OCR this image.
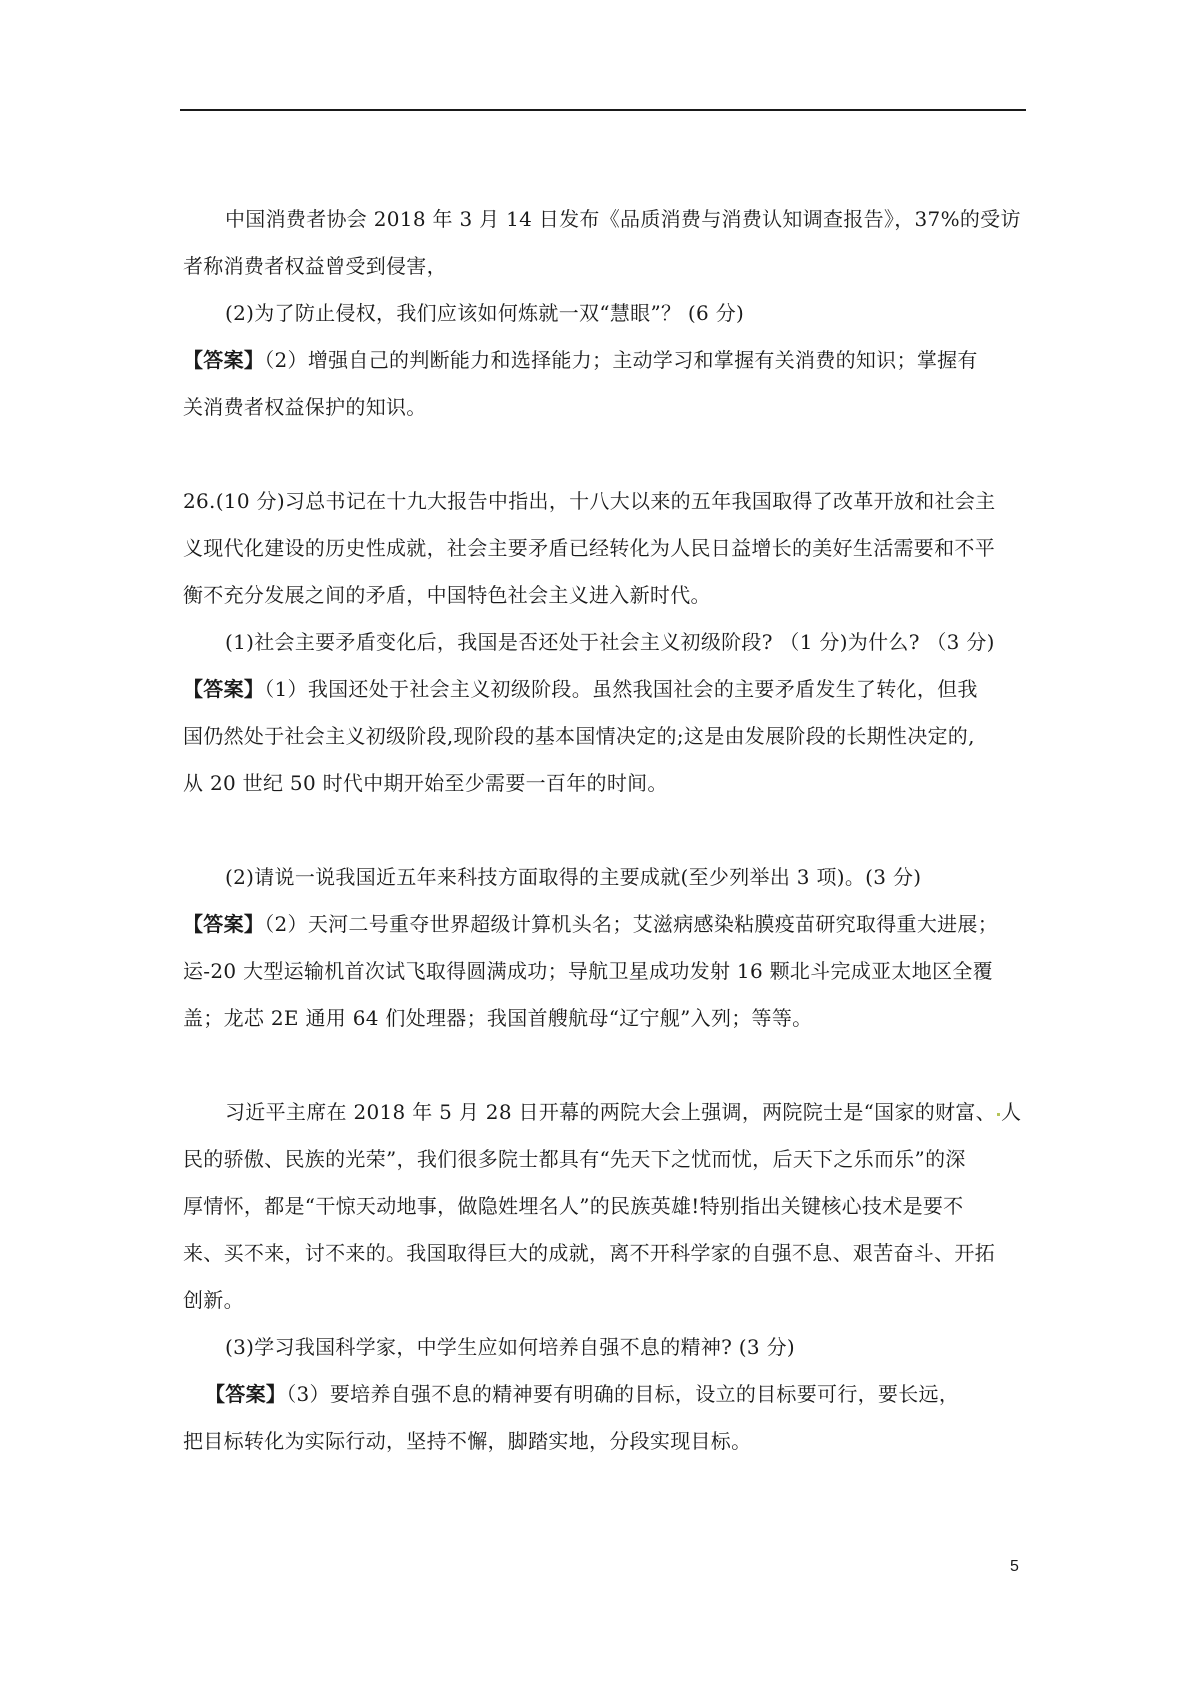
中国消费者协会 2018 年 3 月 14 日发布《品质消费与消费认知调查报告》，37%的受访
者称消费者权益曾受到侵害，
(2)为了防止侵权，我们应该如何炼就一双“慧眼”？ (6 分)
【答案】（2）增强自己的判断能力和选择能力；主动学习和掌握有关消费的知识；掌握有
关消费者权益保护的知识。
26.(10 分)习总书记在十九大报告中指出，十八大以来的五年我国取得了改革开放和社会主
义现代化建设的历史性成就，社会主要矛盾已经转化为人民日益增长的美好生活需要和不平
衡不充分发展之间的矛盾，中国特色社会主义进入新时代。
(1)社会主要矛盾变化后，我国是否还处于社会主义初级阶段? （1 分)为什么? （3 分)
【答案】（1）我国还处于社会主义初级阶段。虽然我国社会的主要矛盾发生了转化，但我
国仍然处于社会主义初级阶段,现阶段的基本国情决定的;这是由发展阶段的长期性决定的,
从 20 世纪 50 时代中期开始至少需要一百年的时间。
(2)请说一说我国近五年来科技方面取得的主要成就(至少列举出 3 项)。(3 分)
【答案】（2）天河二号重夺世界超级计算机头名；艾滋病感染粘膜疫苗研究取得重大进展；
运-20 大型运输机首次试飞取得圆满成功；导航卫星成功发射 16 颗北斗完成亚太地区全覆
盖；龙芯 2E 通用 64 们处理器；我国首艘航母“辽宁舰”入列；等等。
习近平主席在 2018 年 5 月 28 日开幕的两院大会上强调，两院院士是“国家的财富、 人
民的骄傲、民族的光荣”，我们很多院士都具有“先天下之忧而忧，后天下之乐而乐”的深
厚情怀，都是“干惊天动地事，做隐姓埋名人”的民族英雄!特别指出关键核心技术是要不
来、买不来，讨不来的。我国取得巨大的成就，离不开科学家的自强不息、艰苦奋斗、开拓
创新。
(3)学习我国科学家，中学生应如何培养自强不息的精神? (3 分)
【答案】（3）要培养自强不息的精神要有明确的目标，设立的目标要可行，要长远，
把目标转化为实际行动，坚持不懈，脚踏实地，分段实现目标。
5
